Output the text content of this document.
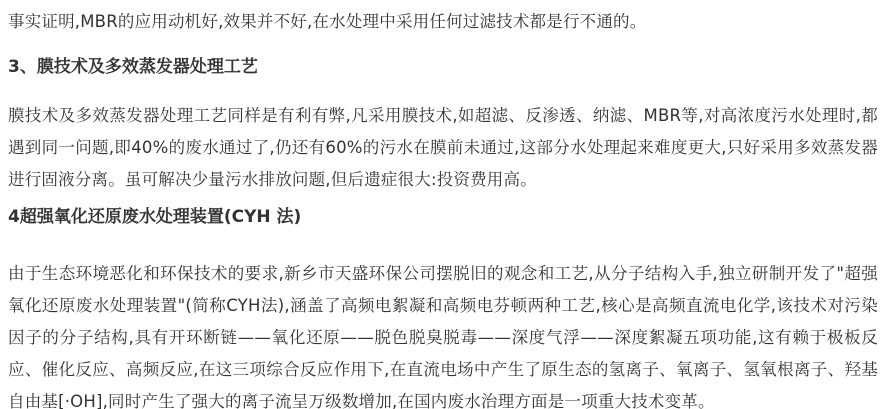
事实证明,MBR的应用动机好,效果并不好,在水处理中采用任何过滤技术都是行不通的。

3、膜技术及多效蒸发器处理工艺

膜技术及多效蒸发器处理工艺同样是有利有弊,凡采用膜技术,如超滤、反渗透、纳滤、MBR等,对高浓度污水处理时,都遇到同一问题,即40%的废水通过了,仍还有60%的污水在膜前未通过,这部分水处理起来难度更大,只好采用多效蒸发器进行固液分离。虽可解决少量污水排放问题,但后遗症很大:投资费用高。

4超强氧化还原废水处理装置(CYH 法)

由于生态环境恶化和环保技术的要求,新乡市天盛环保公司摆脱旧的观念和工艺,从分子结构入手,独立研制开发了"超强氧化还原废水处理装置"(简称CYH法),涵盖了高频电絮凝和高频电芬顿两种工艺,核心是高频直流电化学,该技术对污染因子的分子结构,具有开环断链——氧化还原——脱色脱臭脱毒——深度气浮——深度絮凝五项功能,这有赖于极板反应、催化反应、高频反应,在这三项综合反应作用下,在直流电场中产生了原生态的氢离子、氧离子、氢氧根离子、羟基自由基[·OH],同时产生了强大的离子流呈万级数增加,在国内废水治理方面是一项重大技术变革。
